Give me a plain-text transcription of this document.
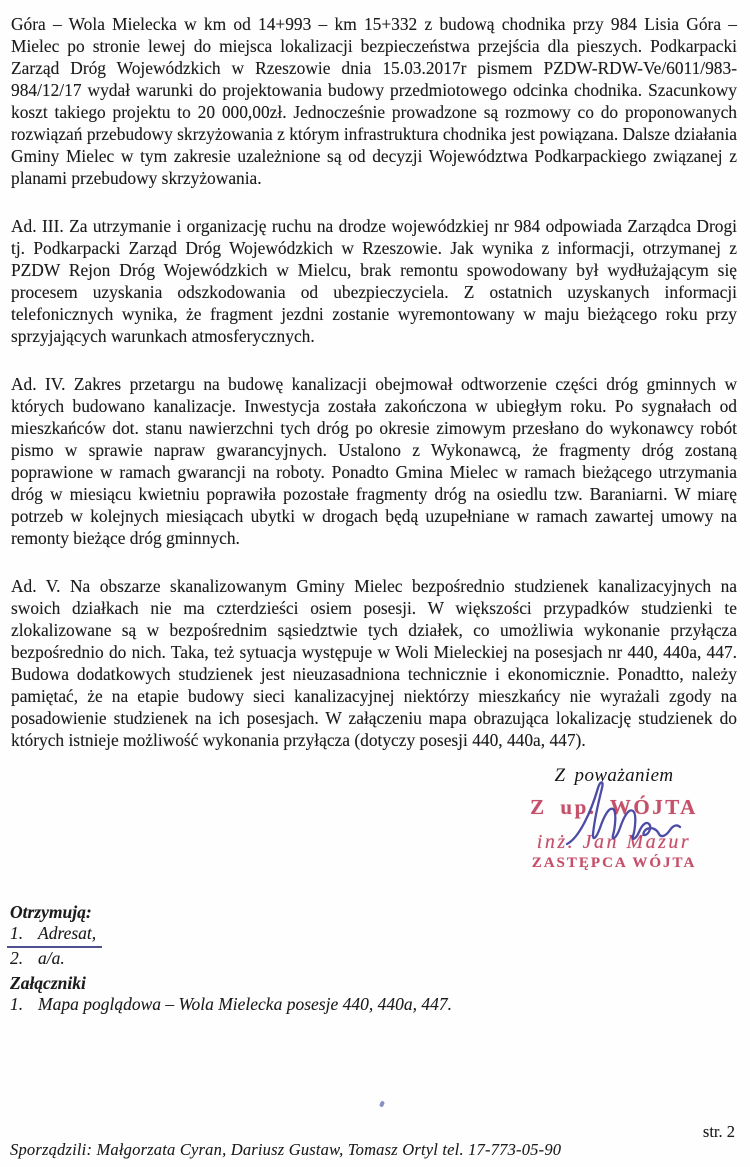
Góra – Wola Mielecka w km od 14+993 – km 15+332 z budową chodnika przy 984 Lisia Góra – Mielec po stronie lewej do miejsca lokalizacji bezpieczeństwa przejścia dla pieszych. Podkarpacki Zarząd Dróg Wojewódzkich w Rzeszowie dnia 15.03.2017r pismem PZDW-RDW-Ve/6011/983-984/12/17 wydał warunki do projektowania budowy przedmiotowego odcinka chodnika. Szacunkowy koszt takiego projektu to 20 000,00zł. Jednocześnie prowadzone są rozmowy co do proponowanych rozwiązań przebudowy skrzyżowania z którym infrastruktura chodnika jest powiązana. Dalsze działania Gminy Mielec w tym zakresie uzależnione są od decyzji Województwa Podkarpackiego związanej z planami przebudowy skrzyżowania.

Ad. III. Za utrzymanie i organizację ruchu na drodze wojewódzkiej nr 984 odpowiada Zarządca Drogi tj. Podkarpacki Zarząd Dróg Wojewódzkich w Rzeszowie. Jak wynika z informacji, otrzymanej z PZDW Rejon Dróg Wojewódzkich w Mielcu, brak remontu spowodowany był wydłużającym się procesem uzyskania odszkodowania od ubezpieczyciela. Z ostatnich uzyskanych informacji telefonicznych wynika, że fragment jezdni zostanie wyremontowany w maju bieżącego roku przy sprzyjających warunkach atmosferycznych.

Ad. IV. Zakres przetargu na budowę kanalizacji obejmował odtworzenie części dróg gminnych w których budowano kanalizacje. Inwestycja została zakończona w ubiegłym roku. Po sygnałach od mieszkańców dot. stanu nawierzchni tych dróg po okresie zimowym przesłano do wykonawcy robót pismo w sprawie napraw gwarancyjnych. Ustalono z Wykonawcą, że fragmenty dróg zostaną poprawione w ramach gwarancji na roboty. Ponadto Gmina Mielec w ramach bieżącego utrzymania dróg w miesiącu kwietniu poprawiła pozostałe fragmenty dróg na osiedlu tzw. Baraniarni. W miarę potrzeb w kolejnych miesiącach ubytki w drogach będą uzupełniane w ramach zawartej umowy na remonty bieżące dróg gminnych.

Ad. V. Na obszarze skanalizowanym Gminy Mielec bezpośrednio studzienek kanalizacyjnych na swoich działkach nie ma czterdzieści osiem posesji. W większości przypadków studzienki te zlokalizowane są w bezpośrednim sąsiedztwie tych działek, co umożliwia wykonanie przyłącza bezpośrednio do nich. Taka, też sytuacja występuje w Woli Mieleckiej na posesjach nr 440, 440a, 447. Budowa dodatkowych studzienek jest nieuzasadniona technicznie i ekonomicznie. Ponadtto, należy pamiętać, że na etapie budowy sieci kanalizacyjnej niektórzy mieszkańcy nie wyrażali zgody na posadowienie studzienek na ich posesjach. W załączeniu mapa obrazująca lokalizację studzienek do których istnieje możliwość wykonania przyłącza (dotyczy posesji 440, 440a, 447).

Z poważaniem
Z up. WÓJTA
inż. Jan Mazur
ZASTĘPCA WÓJTA
Otrzymują:
1. Adresat,
2. a/a.
Załączniki
1. Mapa poglądowa – Wola Mielecka posesje 440, 440a, 447.
str. 2
Sporządzili: Małgorzata Cyran, Dariusz Gustaw, Tomasz Ortyl tel. 17-773-05-90
